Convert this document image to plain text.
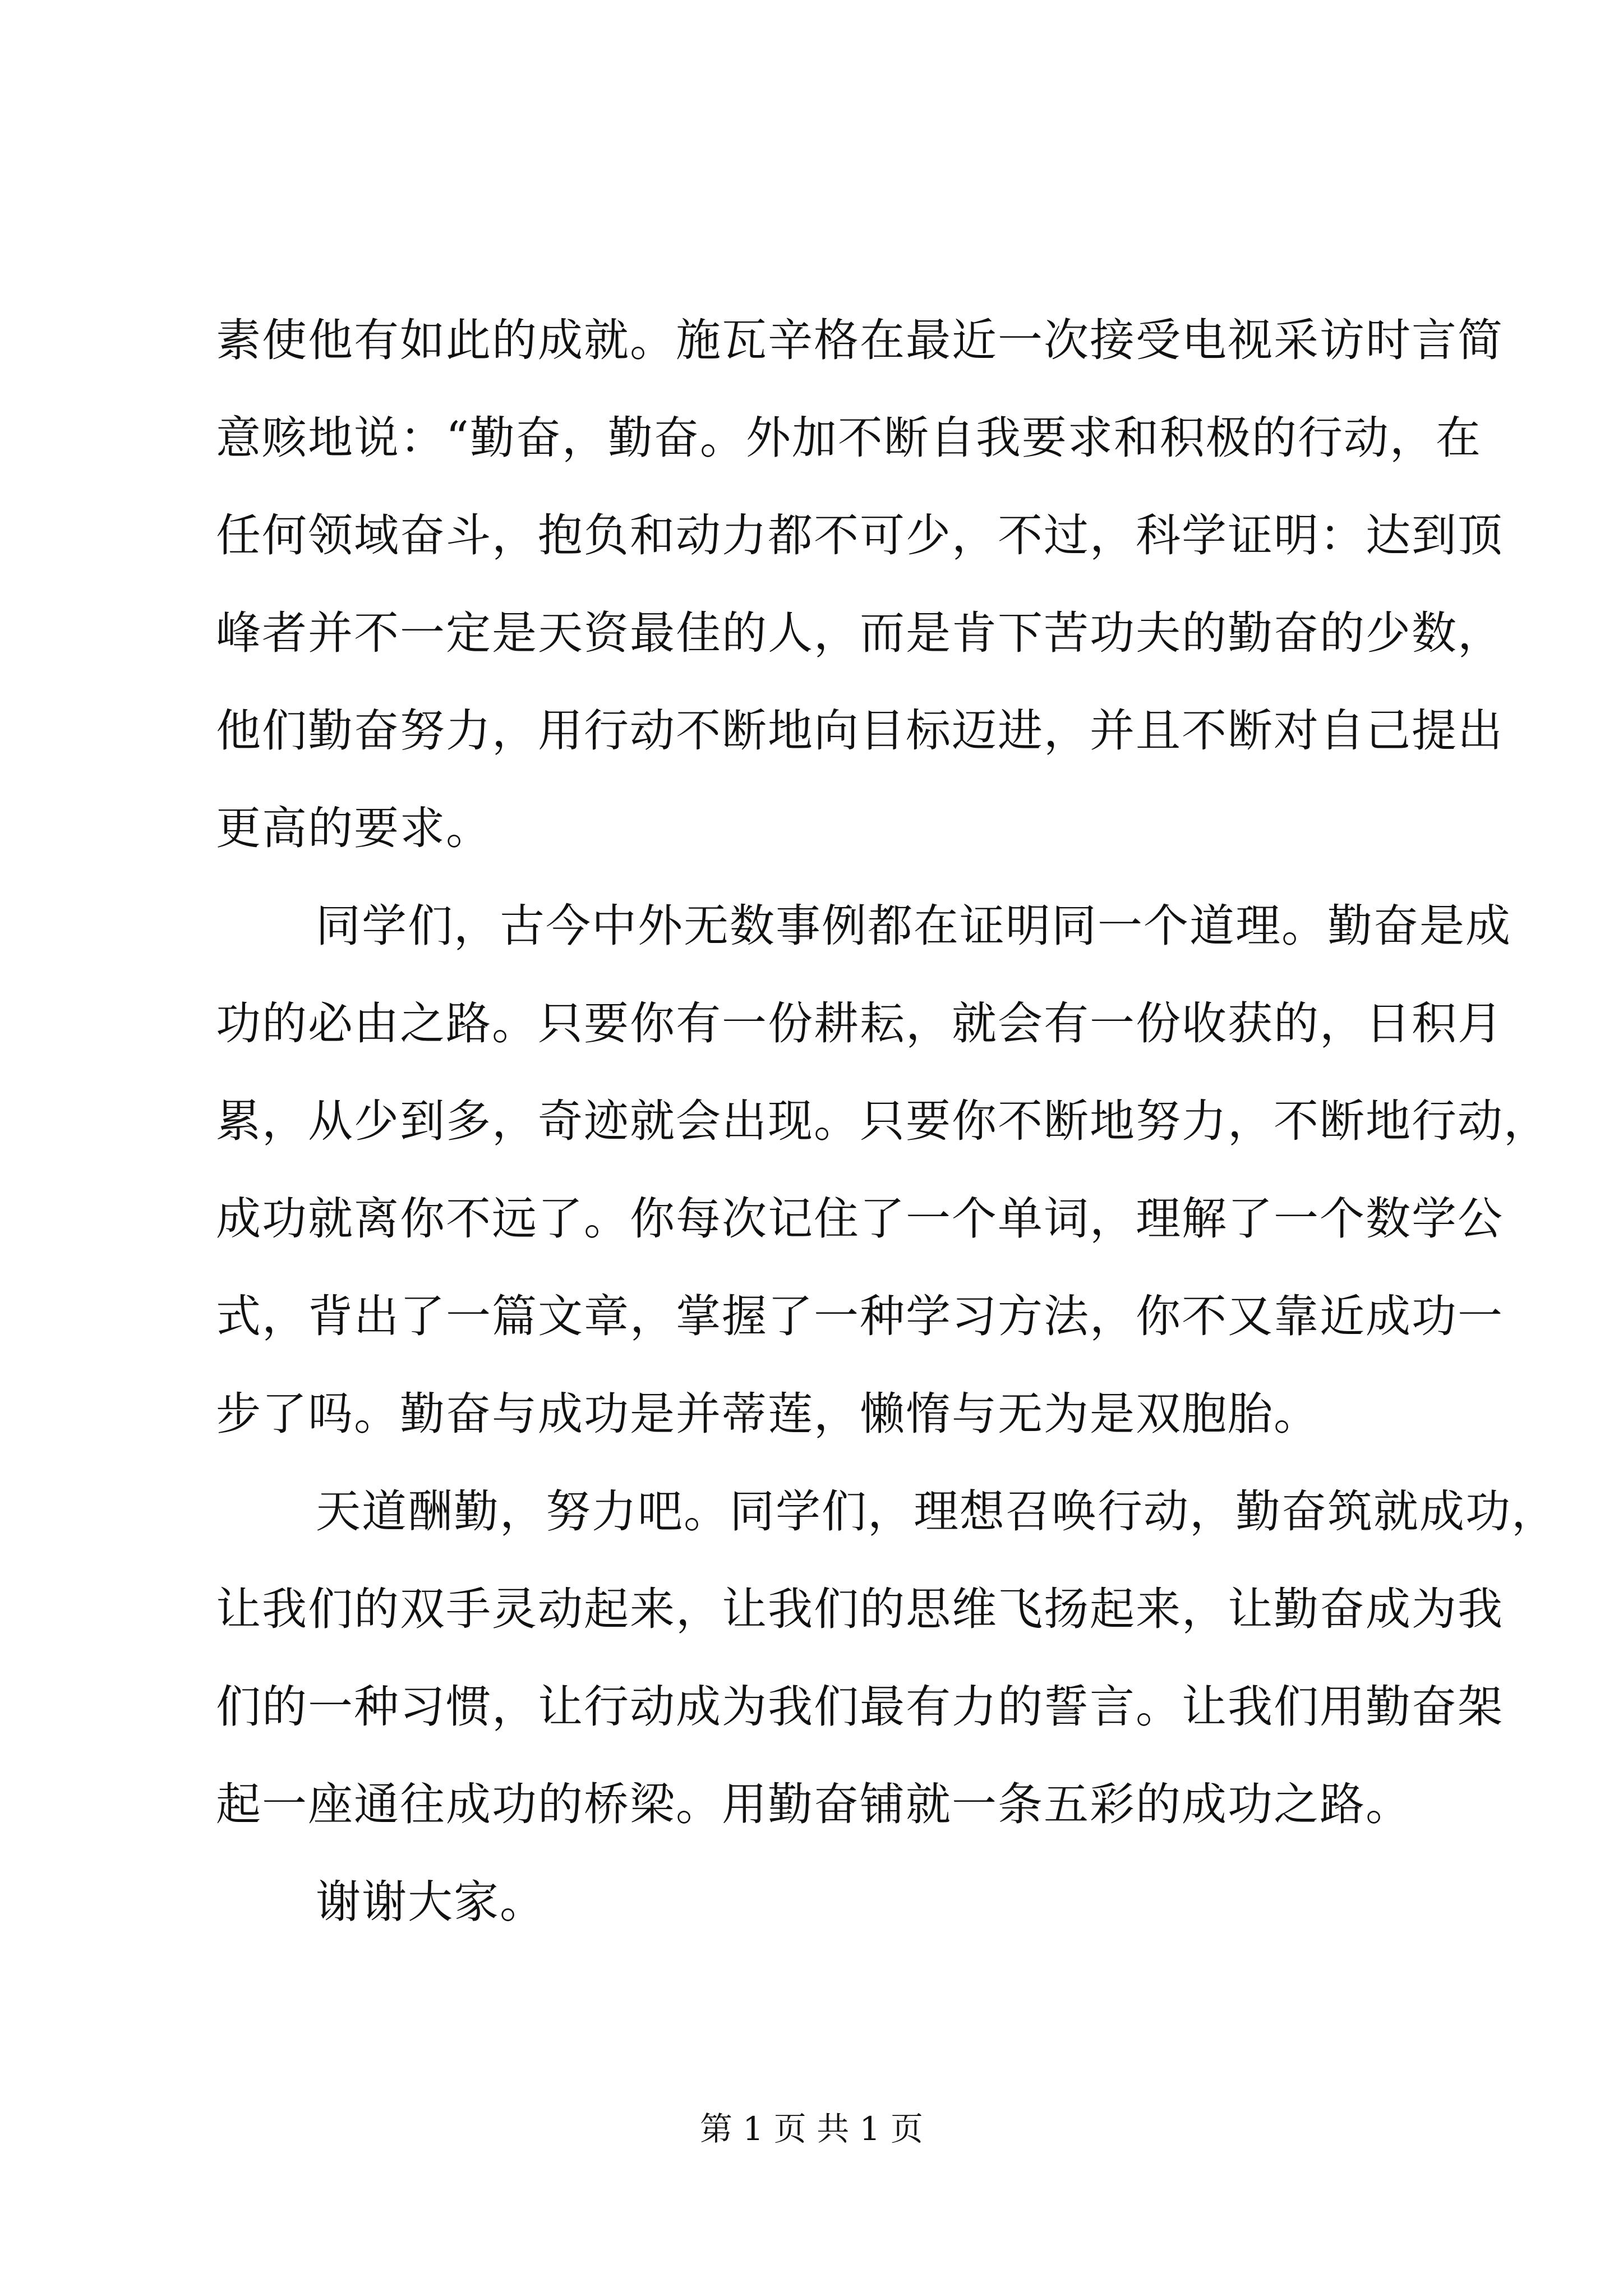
素使他有如此的成就。施瓦辛格在最近一次接受电视采访时言简

意赅地说：“勤奋，勤奋。外加不断自我要求和积极的行动，在

任何领域奋斗，抱负和动力都不可少，不过，科学证明：达到顶

峰者并不一定是天资最佳的人，而是肯下苦功夫的勤奋的少数，

他们勤奋努力，用行动不断地向目标迈进，并且不断对自己提出

更高的要求。

同学们，古今中外无数事例都在证明同一个道理。勤奋是成

功的必由之路。只要你有一份耕耘，就会有一份收获的，日积月

累，从少到多，奇迹就会出现。只要你不断地努力，不断地行动，

成功就离你不远了。你每次记住了一个单词，理解了一个数学公

式，背出了一篇文章，掌握了一种学习方法，你不又靠近成功一

步了吗。勤奋与成功是并蒂莲，懒惰与无为是双胞胎。

天道酬勤，努力吧。同学们，理想召唤行动，勤奋筑就成功，

让我们的双手灵动起来，让我们的思维飞扬起来，让勤奋成为我

们的一种习惯，让行动成为我们最有力的誓言。让我们用勤奋架

起一座通往成功的桥梁。用勤奋铺就一条五彩的成功之路。

谢谢大家。

第 1 页 共 1 页
